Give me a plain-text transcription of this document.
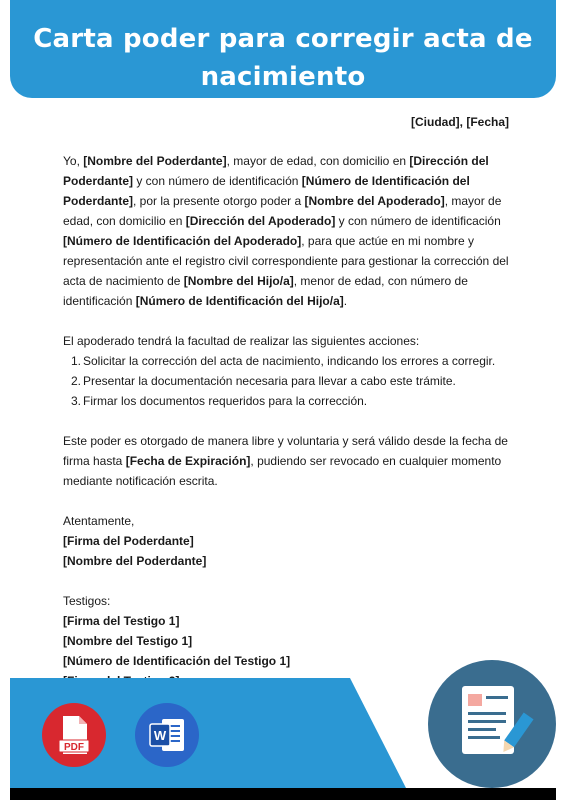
Carta poder para corregir acta de
nacimiento
[Ciudad], [Fecha]

Yo, [Nombre del Poderdante], mayor de edad, con domicilio en [Dirección del Poderdante] y con número de identificación [Número de Identificación del Poderdante], por la presente otorgo poder a [Nombre del Apoderado], mayor de edad, con domicilio en [Dirección del Apoderado] y con número de identificación [Número de Identificación del Apoderado], para que actúe en mi nombre y representación ante el registro civil correspondiente para gestionar la corrección del acta de nacimiento de [Nombre del Hijo/a], menor de edad, con número de identificación [Número de Identificación del Hijo/a].

El apoderado tendrá la facultad de realizar las siguientes acciones:

1. Solicitar la corrección del acta de nacimiento, indicando los errores a corregir.
2. Presentar la documentación necesaria para llevar a cabo este trámite.
3. Firmar los documentos requeridos para la corrección.

Este poder es otorgado de manera libre y voluntaria y será válido desde la fecha de firma hasta [Fecha de Expiración], pudiendo ser revocado en cualquier momento mediante notificación escrita.

Atentamente,

[Firma del Poderdante]

[Nombre del Poderdante]

Testigos:

[Firma del Testigo 1]

[Nombre del Testigo 1]

[Número de Identificación del Testigo 1]

PDF
W
